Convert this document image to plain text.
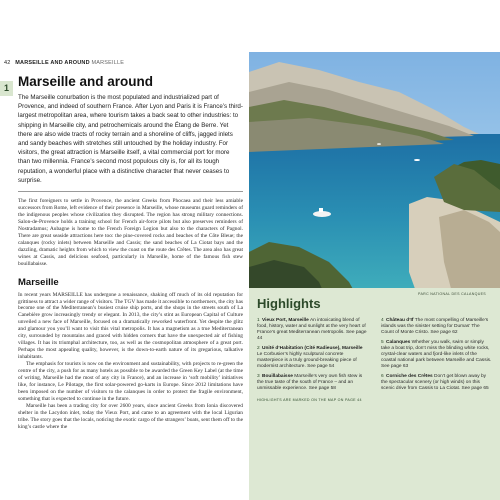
42 MARSEILLE AND AROUND MARSEILLE
1 Marseille and around
The Marseille conurbation is the most populated and industrialized part of Provence, and indeed of southern France. After Lyon and Paris it is France’s third-largest metropolitan area, where tourism takes a back seat to other industries: to shipping in Marseille city, and petrochemicals around the Étang de Berre. Yet there are also wide tracts of rocky terrain and a shoreline of cliffs, jagged inlets and sandy beaches with stretches still untouched by the holiday industry. For visitors, the great attraction is Marseille itself, a vital commercial port for more than two millennia. France’s second most populous city is, for all its tough reputation, a wonderful place with a distinctive character that never ceases to surprise.

The first foreigners to settle in Provence, the ancient Greeks from Phocaea and their less amiable successors from Rome, left evidence of their presence in Marseille, whose museums guard reminders of the indigenous peoples whose civilization they disrupted. The region has strong military connections. Salon-de-Provence holds a training school for French air-force pilots but also preserves reminders of Nostradamus; Aubagne is home to the French Foreign Legion but also to the characters of Pagnol. There are great seaside attractions here too: the pine-covered rocks and beaches of the Côte Bleue; the calanques (rocky inlets) between Marseille and Cassis; the sand beaches of La Ciotat bays and the dazzling, dramatic heights from which to view the coast on the route des Crêtes. The area also has great wines at Cassis, and delicious seafood, particularly in Marseille, home of the famous fish stew bouillabaisse.

Marseille

In recent years MARSEILLE has undergone a renaissance, shaking off much of its old reputation for grittiness to attract a wider range of visitors. The TGV has made it accessible to northerners, the city has become one of the Mediterranean’s busiest cruise ship ports, and the shops in the streets south of La Canebière grow increasingly trendy or elegant. In 2013, the city’s stint as European Capital of Culture unveiled a new face of Marseille, focused on a dramatically reworked waterfront. Yet despite the glitz and glamour you you’ll want to visit this vital metropolis. It has a magnetism as a true Mediterranean city, surrounded by mountains and graced with hidden corners that have the unexpected air of fishing villages. It has its triumphal architecture, too, as well as the cosmopolitan atmosphere of a great port. Perhaps the most appealing quality, however, is the down-to-earth nature of its gregarious, talkative inhabitants.

The emphasis for tourists is now on the environment and sustainability, with projects to re-green the centre of the city, a push for as many hotels as possible to be awarded the Green Key Label (at the time of writing, Marseille had the most of any city in France), and an increase in ‘soft mobility’ initiatives like, for instance, Le Pilotage, the first solar-powered go-karts in Europe. Since 2012 limitations have been imposed on the number of visitors to the calanques in order to protect the fragile environment, something that is expected to continue in the future.

Marseille has been a trading city for over 2600 years, since ancient Greeks from Ionia discovered shelter in the Lacydon inlet, today the Vieux Port, and came to an agreement with the local Ligurian tribe. The story goes that the locals, noticing the exotic cargo of the strangers’ boats, sent them off to the king’s castle where the

PARC NATIONAL DES CALANQUES
Highlights
1 Vieux Port, Marseille An intoxicating blend of food, history, water and sunlight at the very heart of France’s great Mediterranean metropolis. See page 44
2 Unité d’Habitation (Cité Radieuse), Marseille Le Corbusier’s highly sculptural concrete masterpiece is a truly ground-breaking piece of modernist architecture. See page 54
3 Bouillabaisse Marseille’s very own fish stew is the true taste of the south of France – and an unmissable experience. See page 58
4 Château d’If The most compelling of Marseille’s islands was the sinister setting for Dumas’ The Count of Monte Cristo. See page 62
5 Calanques Whether you walk, swim or simply take a boat trip, don’t miss the blinding white rocks, crystal-clear waters and fjord-like inlets of the coastal national park between Marseille and Cassis. See page 63
6 Corniche des Crêtes Don’t get blown away by the spectacular scenery (or high winds) on this scenic drive from Cassis to La Ciotat. See page 65
HIGHLIGHTS ARE MARKED ON THE MAP ON PAGE 44
